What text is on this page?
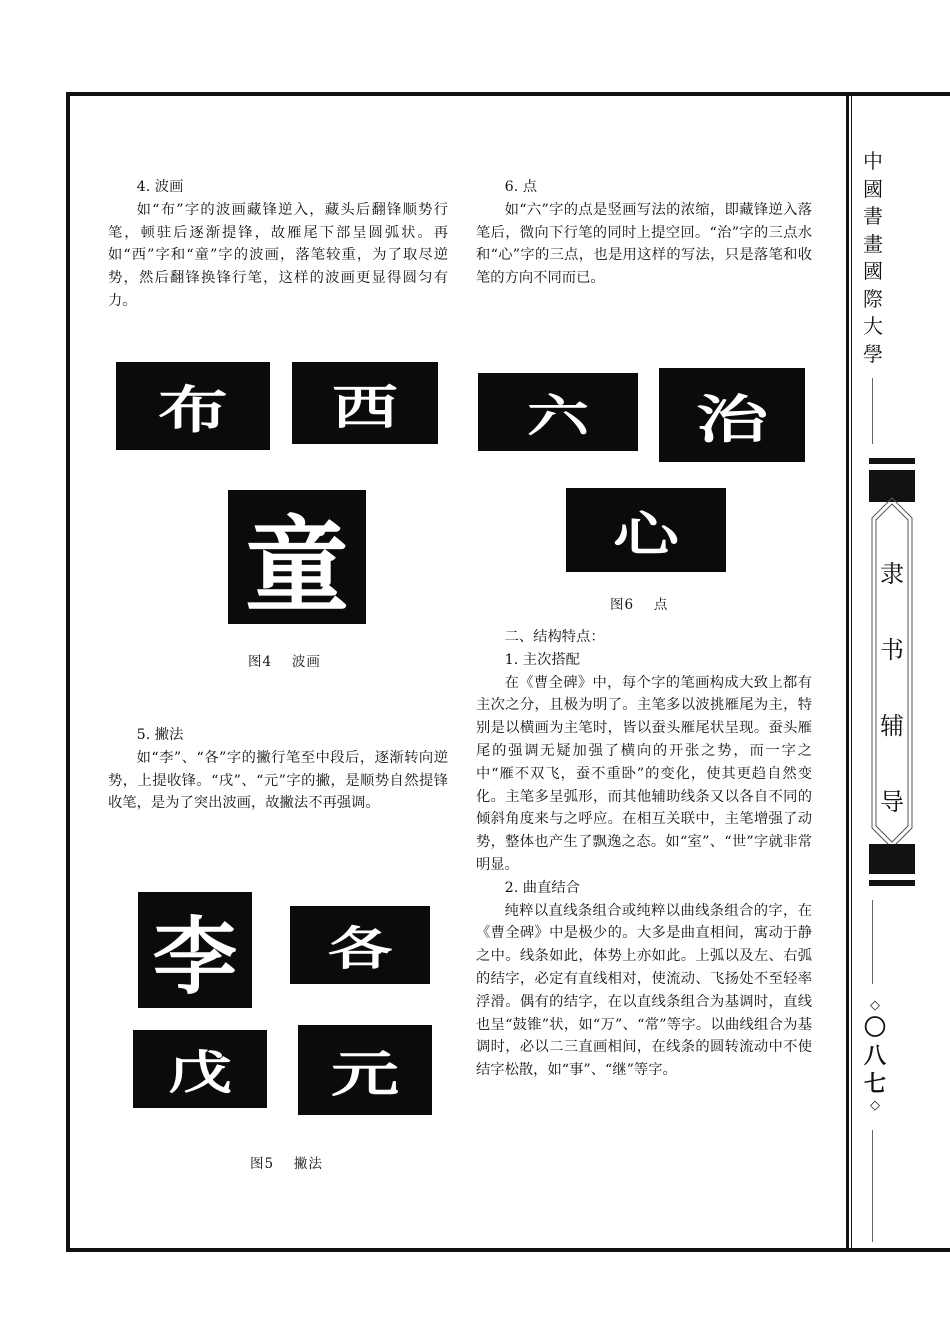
4. 波画

如“布”字的波画藏锋逆入，藏头后翻锋顺势行笔，顿驻后逐渐提锋，故雁尾下部呈圆弧状。再如“西”字和“童”字的波画，落笔较重，为了取尽逆势，然后翻锋换锋行笔，这样的波画更显得圆匀有力。

布 西
童
图4　 波画

5. 撇法

如“李”、“各”字的撇行笔至中段后，逐渐转向逆势，上提收锋。“戌”、“元”字的撇，是顺势自然提锋收笔，是为了突出波画，故撇法不再强调。

李 各
戊 元
图5　 撇法

6. 点

如“六”字的点是竖画写法的浓缩，即藏锋逆入落笔后，微向下行笔的同时上提空回。“治”字的三点水和“心”字的三点，也是用这样的写法，只是落笔和收笔的方向不同而已。

六 治
心
图6　 点

二、结构特点：

1. 主次搭配

在《曹全碑》中，每个字的笔画构成大致上都有主次之分，且极为明了。主笔多以波挑雁尾为主，特别是以横画为主笔时，皆以蚕头雁尾状呈现。蚕头雁尾的强调无疑加强了横向的开张之势，而一字之中“雁不双飞，蚕不重卧”的变化，使其更趋自然变化。主笔多呈弧形，而其他辅助线条又以各自不同的倾斜角度来与之呼应。在相互关联中，主笔增强了动势，整体也产生了飘逸之态。如“室”、“世”字就非常明显。

2. 曲直结合

纯粹以直线条组合或纯粹以曲线条组合的字，在《曹全碑》中是极少的。大多是曲直相间，寓动于静之中。线条如此，体势上亦如此。上弧以及左、右弧的结字，必定有直线相对，使流动、飞扬处不至轻率浮滑。偶有的结字，在以直线条组合为基调时，直线也呈“鼓锥”状，如“万”、“常”等字。以曲线组合为基调时，必以二三直画相间，在线条的圆转流动中不使结字松散，如“事”、“继”等字。

中
國
書
畫
國
際
大
學
隶
书
辅
导
◇
〇
八
七
◇
